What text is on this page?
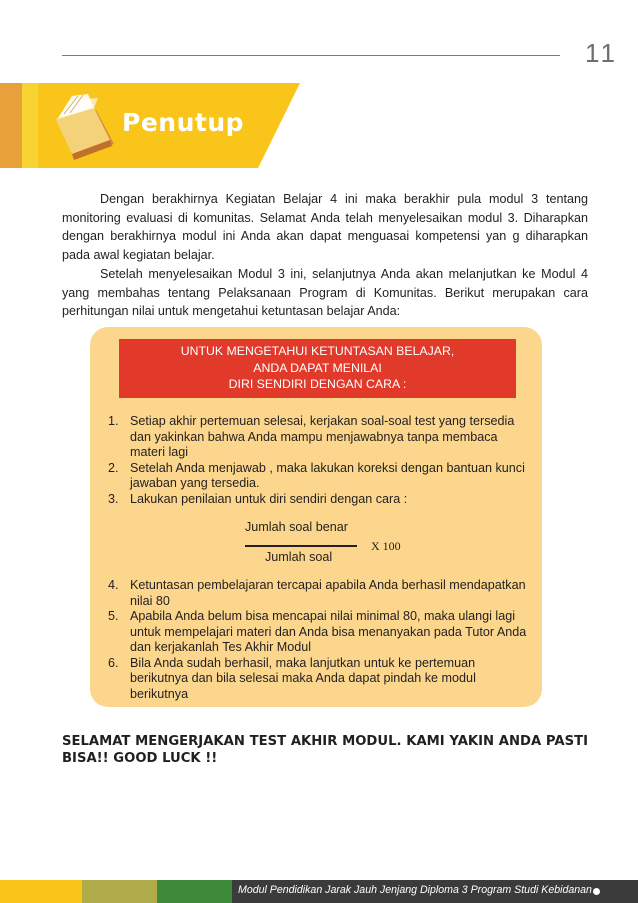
11
Penutup

Dengan berakhirnya Kegiatan Belajar 4 ini maka berakhir pula modul 3 tentang monitoring evaluasi di komunitas. Selamat Anda telah menyelesaikan modul 3. Diharapkan dengan berakhirnya modul ini Anda akan dapat menguasai kompetensi yan g diharapkan pada awal kegiatan belajar.

Setelah menyelesaikan Modul 3 ini, selanjutnya Anda akan melanjutkan ke Modul 4 yang membahas tentang Pelaksanaan Program di Komunitas. Berikut merupakan cara perhitungan nilai untuk mengetahui ketuntasan belajar Anda:

UNTUK MENGETAHUI KETUNTASAN BELAJAR,
ANDA DAPAT MENILAI
DIRI SENDIRI DENGAN CARA :
1. Setiap akhir pertemuan selesai, kerjakan soal-soal test yang tersedia dan yakinkan bahwa Anda mampu menjawabnya tanpa membaca materi lagi
2. Setelah Anda menjawab , maka lakukan koreksi dengan bantuan kunci jawaban yang tersedia.
3. Lakukan penilaian untuk diri sendiri dengan cara :
Jumlah soal benar
Jumlah soal
X 100
4. Ketuntasan pembelajaran tercapai apabila Anda berhasil mendapatkan nilai 80
5. Apabila Anda belum bisa mencapai nilai minimal 80, maka ulangi lagi untuk mempelajari materi dan Anda bisa menanyakan pada Tutor Anda dan kerjakanlah Tes Akhir Modul
6. Bila Anda sudah berhasil, maka lanjutkan untuk ke pertemuan berikutnya dan bila selesai maka Anda dapat pindah ke modul berikutnya
SELAMAT MENGERJAKAN TEST AKHIR MODUL. KAMI YAKIN ANDA PASTI BISA!! GOOD LUCK !!
Modul Pendidikan Jarak Jauh Jenjang Diploma 3 Program Studi Kebidanan
